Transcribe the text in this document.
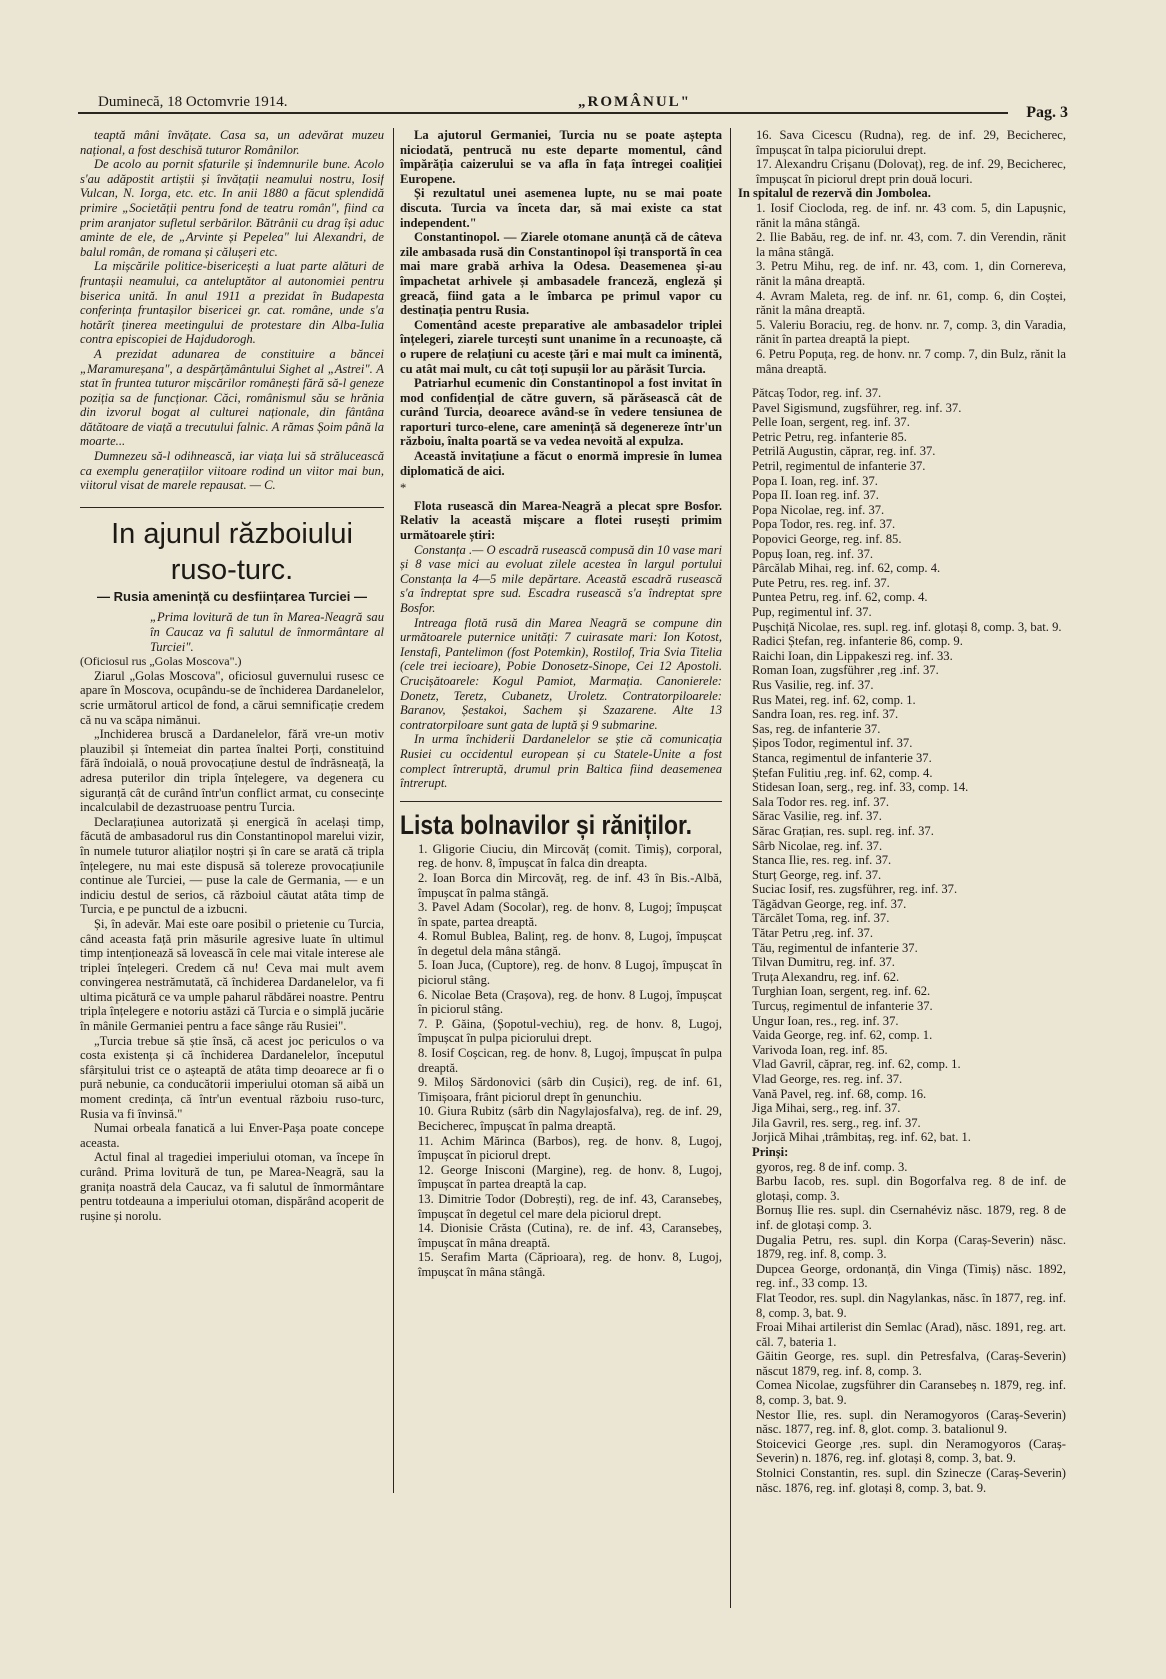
Duminecă, 18 Octomvrie 1914.	„ROMÂNUL"
Pag. 3

teaptă mâni învățate. Casa sa, un adevărat muzeu național, a fost deschisă tuturor Românilor.

De acolo au pornit sfaturile și îndemnurile bune. Acolo s'au adăpostit artiștii și învățații neamului nostru, Iosif Vulcan, N. Iorga, etc. etc. In anii 1880 a făcut splendidă primire „Societății pentru fond de teatru român", fiind ca prim aranjator sufletul serbărilor. Bătrânii cu drag își aduc aminte de ele, de „Arvinte și Pepelea" lui Alexandri, de balul român, de romana și călușeri etc.

La mișcările politice-bisericești a luat parte alături de fruntașii neamului, ca anteluptător al autonomiei pentru biserica unită. In anul 1911 a prezidat în Budapesta conferința fruntașilor bisericei gr. cat. române, unde s'a hotărît ținerea meetingului de protestare din Alba-Iulia contra episcopiei de Hajdudorogh.

A prezidat adunarea de constituire a băncei „Maramureșana", a despărțământului Sighet al „Astrei". A stat în fruntea tuturor mișcărilor românești fără să-l geneze poziția sa de funcționar. Căci, românismul său se hrănia din izvorul bogat al culturei naționale, din fântâna dătătoare de viață a trecutului falnic. A rămas Șoim până la moarte...

Dumnezeu să-l odihnească, iar viața lui să strălucească ca exemplu generațiilor viitoare rodind un viitor mai bun, viitorul visat de marele repausat. — C.

In ajunul războiului ruso-turc.
— Rusia amenință cu desființarea Turciei —

„Prima lovitură de tun în Marea-Neagră sau în Caucaz va fi salutul de înmormântare al Turciei".

(Oficiosul rus „Golas Moscova".)

Ziarul „Golas Moscova", oficiosul guvernului rusesc ce apare în Moscova, ocupându-se de închiderea Dardanelelor, scrie următorul articol de fond, a cărui semnificație credem că nu va scăpa nimănui.

„Inchiderea bruscă a Dardanelelor, fără vre-un motiv plauzibil și întemeiat din partea înaltei Porți, constituind fără îndoială, o nouă provocațiune destul de îndrăsneață, la adresa puterilor din tripla înțelegere, va degenera cu siguranță cât de curând într'un conflict armat, cu consecințe incalculabil de dezastruoase pentru Turcia.

Declarațiunea autorizată și energică în același timp, făcută de ambasadorul rus din Constantinopol marelui vizir, în numele tuturor aliaților noștri și în care se arată că tripla înțelegere, nu mai este dispusă să tolereze provocațiunile continue ale Turciei, — puse la cale de Germania, — e un indiciu destul de serios, că războiul căutat atâta timp de Turcia, e pe punctul de a izbucni.

Și, în adevăr. Mai este oare posibil o prietenie cu Turcia, când aceasta față prin măsurile agresive luate în ultimul timp intenționează să lovească în cele mai vitale interese ale triplei înțelegeri. Credem că nu! Ceva mai mult avem convingerea nestrămutată, că închiderea Dardanelelor, va fi ultima picătură ce va umple paharul răbdărei noastre. Pentru tripla înțelegere e notoriu astăzi că Turcia e o simplă jucărie în mânile Germaniei pentru a face sânge rău Rusiei".

„Turcia trebue să știe însă, că acest joc periculos o va costa existența și că închiderea Dardanelelor, începutul sfârșitului trist ce o așteaptă de atâta timp deoarece ar fi o pură nebunie, ca conducătorii imperiului otoman să aibă un moment credința, că într'un eventual războiu ruso-turc, Rusia va fi învinsă."

Numai orbeala fanatică a lui Enver-Pașa poate concepe aceasta.

Actul final al tragediei imperiului otoman, va începe în curând. Prima lovitură de tun, pe Marea-Neagră, sau la granița noastră dela Caucaz, va fi salutul de înmormântare pentru totdeauna a imperiului otoman, dispărând acoperit de rușine și norolu.

La ajutorul Germaniei, Turcia nu se poate aștepta niciodată, pentrucă nu este departe momentul, când împărăția caizerului se va afla în fața întregei coaliției Europene.

Și rezultatul unei asemenea lupte, nu se mai poate discuta. Turcia va înceta dar, să mai existe ca stat independent."

Constantinopol. — Ziarele otomane anunță că de câteva zile ambasada rusă din Constantinopol își transportă în cea mai mare grabă arhiva la Odesa. Deasemenea și-au împachetat arhivele și ambasadele franceză, engleză și greacă, fiind gata a le îmbarca pe primul vapor cu destinația pentru Rusia.

Comentând aceste preparative ale ambasadelor triplei înțelegeri, ziarele turcești sunt unanime în a recunoaște, că o rupere de relațiuni cu aceste țări e mai mult ca iminentă, cu atât mai mult, cu cât toți supușii lor au părăsit Turcia.

Patriarhul ecumenic din Constantinopol a fost invitat în mod confidențial de către guvern, să părăsească cât de curând Turcia, deoarece având-se în vedere tensiunea de raporturi turco-elene, care amenință să degenereze într'un războiu, înalta poartă se va vedea nevoită al expulza.

Această invitațiune a făcut o enormă impresie în lumea diplomatică de aici.

*

Flota rusească din Marea-Neagră a plecat spre Bosfor. Relativ la această mișcare a flotei rusești primim următoarele știri:

Constanța .— O escadră rusească compusă din 10 vase mari și 8 vase mici au evoluat zilele acestea în largul portului Constanța la 4—5 mile depărtare. Această escadră rusească s'a îndreptat spre sud. Escadra rusească s'a îndreptat spre Bosfor.

Intreaga flotă rusă din Marea Neagră se compune din următoarele puternice unități: 7 cuirasate mari: Ion Kotost, Ienstafi, Pantelimon (fost Potemkin), Rostilof, Tria Svia Titelia (cele trei iecioare), Pobie Donosetz-Sinope, Cei 12 Apostoli. Crucișătoarele: Kogul Pamiot, Marmația. Canonierele: Donetz, Teretz, Cubanetz, Uroletz. Contratorpiloarele: Baranov, Șestakoi, Sachem și Szazarene. Alte 13 contratorpiloare sunt gata de luptă și 9 submarine.

In urma închiderii Dardanelelor se știe că comunicația Rusiei cu occidentul european și cu Statele-Unite a fost complect întreruptă, drumul prin Baltica fiind deasemenea întrerupt.

Lista bolnavilor și răniților.

1. Gligorie Ciuciu, din Mircovăț (comit. Timiș), corporal, reg. de honv. 8, împușcat în falca din dreapta.

2. Ioan Borca din Mircovăț, reg. de inf. 43 în Bis.-Albă, împușcat în palma stângă.

3. Pavel Adam (Socolar), reg. de honv. 8, Lugoj; împușcat în spate, partea dreaptă.

4. Romul Bublea, Balinț, reg. de honv. 8, Lugoj, împușcat în degetul dela mâna stângă.

5. Ioan Juca, (Cuptore), reg. de honv. 8 Lugoj, împușcat în piciorul stâng.

6. Nicolae Beta (Crașova), reg. de honv. 8 Lugoj, împușcat în piciorul stâng.

7. P. Găina, (Șopotul-vechiu), reg. de honv. 8, Lugoj, împușcat în pulpa piciorului drept.

8. Iosif Coșcican, reg. de honv. 8, Lugoj, împușcat în pulpa dreaptă.

9. Miloș Sărdonovici (sârb din Cușici), reg. de inf. 61, Timișoara, frânt piciorul drept în genunchiu.

10. Giura Rubitz (sârb din Nagylajosfalva), reg. de inf. 29, Becicherec, împușcat în palma dreaptă.

11. Achim Mărinca (Barbos), reg. de honv. 8, Lugoj, împușcat în piciorul drept.

12. George Inisconi (Margine), reg. de honv. 8, Lugoj, împușcat în partea dreaptă la cap.

13. Dimitrie Todor (Dobrești), reg. de inf. 43, Caransebeș, împușcat în degetul cel mare dela piciorul drept.

14. Dionisie Crăsta (Cutina), re. de inf. 43, Caransebeș, împușcat în mâna dreaptă.

15. Serafim Marta (Căprioara), reg. de honv. 8, Lugoj, împușcat în mâna stângă.

16. Sava Cicescu (Rudna), reg. de inf. 29, Becicherec, împușcat în talpa piciorului drept.

17. Alexandru Crișanu (Dolovaț), reg. de inf. 29, Becicherec, împușcat în piciorul drept prin două locuri.

In spitalul de rezervă din Jombolea.

1. Iosif Ciocloda, reg. de inf. nr. 43 com. 5, din Lapușnic, rănit la mâna stângă.

2. Ilie Babău, reg. de inf. nr. 43, com. 7. din Verendin, rănit la mâna stângă.

3. Petru Mihu, reg. de inf. nr. 43, com. 1, din Cornereva, rănit la mâna dreaptă.

4. Avram Maleta, reg. de inf. nr. 61, comp. 6, din Coștei, rănit la mâna dreaptă.

5. Valeriu Boraciu, reg. de honv. nr. 7, comp. 3, din Varadia, rănit în partea dreaptă la piept.

6. Petru Popuța, reg. de honv. nr. 7 comp. 7, din Bulz, rănit la mâna dreaptă.

Pătcaș Todor, reg. inf. 37.

Pavel Sigismund, zugsführer, reg. inf. 37.

Pelle Ioan, sergent, reg. inf. 37.

Petric Petru, reg. infanterie 85.

Petrilă Augustin, căprar, reg. inf. 37.

Petril, regimentul de infanterie 37.

Popa I. Ioan, reg. inf. 37.

Popa II. Ioan reg. inf. 37.

Popa Nicolae, reg. inf. 37.

Popa Todor, res. reg. inf. 37.

Popovici George, reg. inf. 85.

Popuș Ioan, reg. inf. 37.

Pârcălab Mihai, reg. inf. 62, comp. 4.

Pute Petru, res. reg. inf. 37.

Puntea Petru, reg. inf. 62, comp. 4.

Pup, regimentul inf. 37.

Pușchiță Nicolae, res. supl. reg. inf. glotași 8, comp. 3, bat. 9.

Radici Ștefan, reg. infanterie 86, comp. 9.

Raichi Ioan, din Lippakeszi reg. inf. 33.

Roman Ioan, zugsführer ,reg .inf. 37.

Rus Vasilie, reg. inf. 37.

Rus Matei, reg. inf. 62, comp. 1.

Sandra Ioan, res. reg. inf. 37.

Sas, reg. de infanterie 37.

Șipos Todor, regimentul inf. 37.

Stanca, regimentul de infanterie 37.

Ștefan Fulitiu ,reg. inf. 62, comp. 4.

Stidesan Ioan, serg., reg. inf. 33, comp. 14.

Sala Todor res. reg. inf. 37.

Sărac Vasilie, reg. inf. 37.

Sărac Grațian, res. supl. reg. inf. 37.

Sârb Nicolae, reg. inf. 37.

Stanca Ilie, res. reg. inf. 37.

Sturț George, reg. inf. 37.

Suciac Iosif, res. zugsführer, reg. inf. 37.

Tăgădvan George, reg. inf. 37.

Tărcălet Toma, reg. inf. 37.

Tătar Petru ,reg. inf. 37.

Tău, regimentul de infanterie 37.

Tilvan Dumitru, reg. inf. 37.

Truța Alexandru, reg. inf. 62.

Turghian Ioan, sergent, reg. inf. 62.

Turcuș, regimentul de infanterie 37.

Ungur Ioan, res., reg. inf. 37.

Vaida George, reg. inf. 62, comp. 1.

Varivoda Ioan, reg. inf. 85.

Vlad Gavril, căprar, reg. inf. 62, comp. 1.

Vlad George, res. reg. inf. 37.

Vană Pavel, reg. inf. 68, comp. 16.

Jiga Mihai, serg., reg. inf. 37.

Jila Gavril, res. serg., reg. inf. 37.

Jorjică Mihai ,trâmbitaș, reg. inf. 62, bat. 1.

Prinși:

gyoros, reg. 8 de inf. comp. 3.

Barbu Iacob, res. supl. din Bogorfalva reg. 8 de inf. de glotași, comp. 3.

Bornuș Ilie res. supl. din Csernahéviz născ. 1879, reg. 8 de inf. de glotași comp. 3.

Dugalia Petru, res. supl. din Korpa (Caraș-Severin) născ. 1879, reg. inf. 8, comp. 3.

Dupcea George, ordonanță, din Vinga (Timiș) născ. 1892, reg. inf., 33 comp. 13.

Flat Teodor, res. supl. din Nagylankas, născ. în 1877, reg. inf. 8, comp. 3, bat. 9.

Froai Mihai artilerist din Semlac (Arad), născ. 1891, reg. art. căl. 7, bateria 1.

Găitin George, res. supl. din Petresfalva, (Caraș-Severin) născut 1879, reg. inf. 8, comp. 3.

Comea Nicolae, zugsführer din Caransebeș n. 1879, reg. inf. 8, comp. 3, bat. 9.

Nestor Ilie, res. supl. din Neramogyoros (Caraș-Severin) născ. 1877, reg. inf. 8, glot. comp. 3. batalionul 9.

Stoicevici George ,res. supl. din Neramogyoros (Caraș-Severin) n. 1876, reg. inf. glotași 8, comp. 3, bat. 9.

Stolnici Constantin, res. supl. din Szinecze (Caraș-Severin) născ. 1876, reg. inf. glotași 8, comp. 3, bat. 9.
